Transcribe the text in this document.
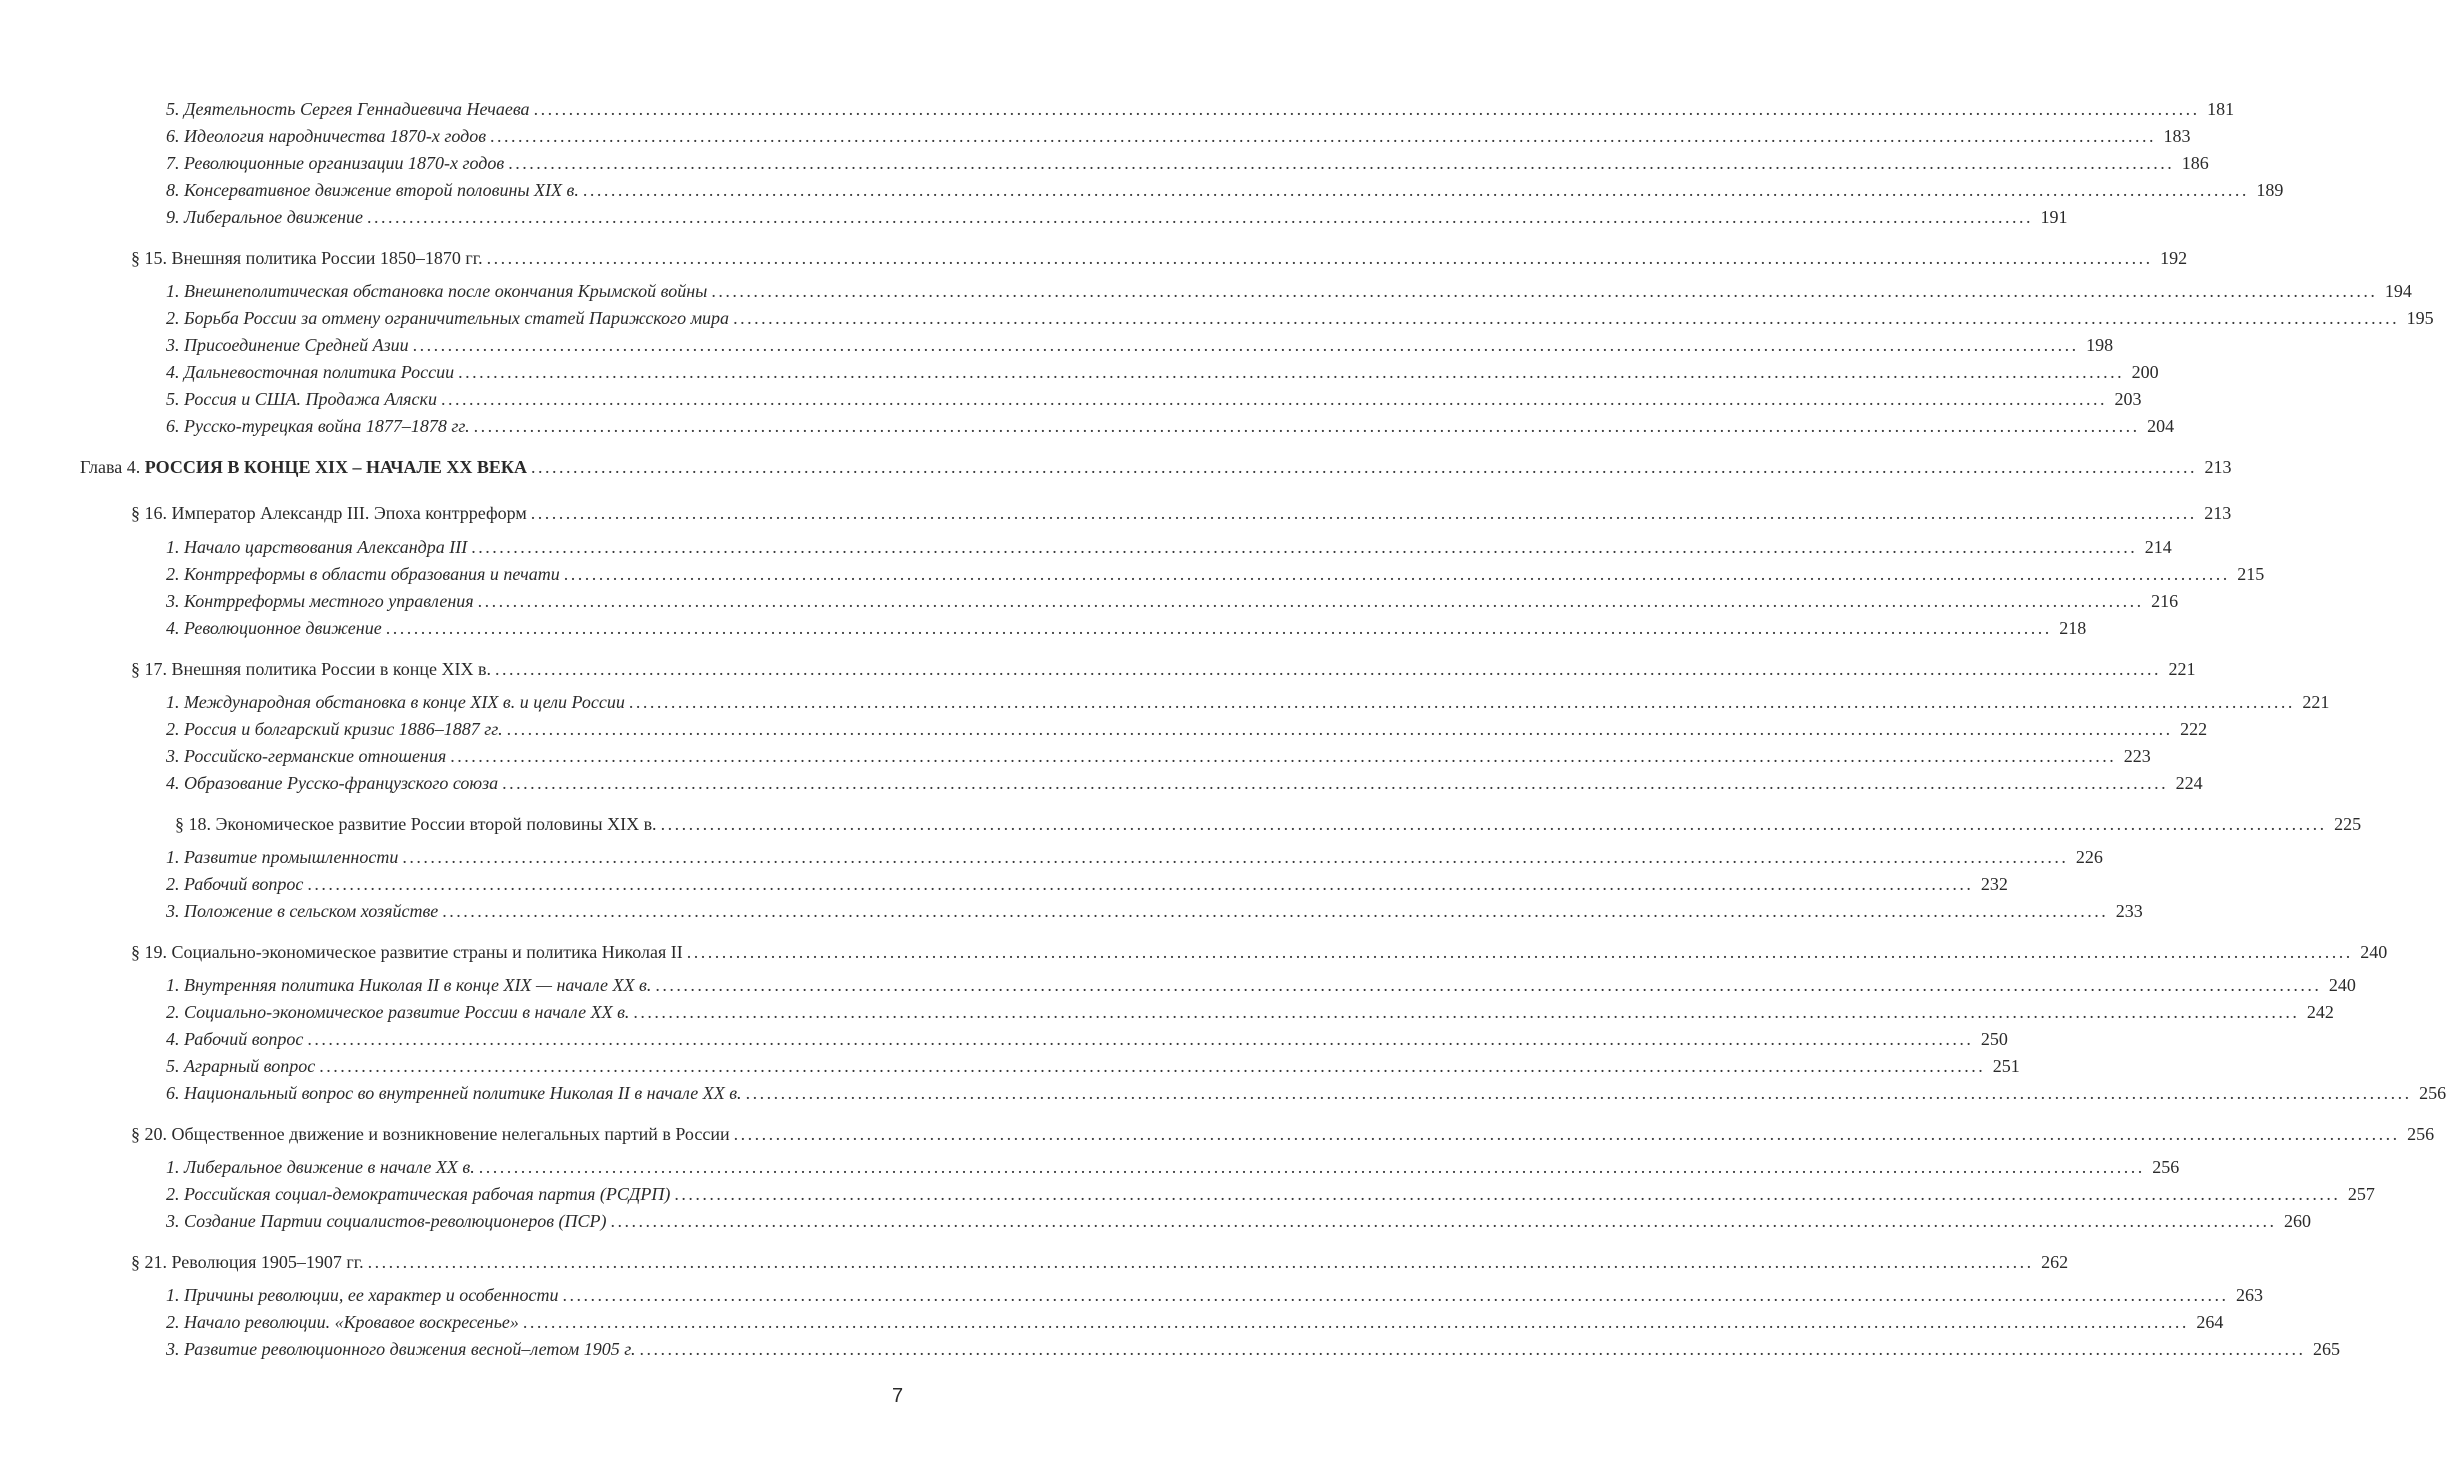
5. Деятельность Сергея Геннадиевича Нечаева . . .	181
6. Идеология народничества 1870-х годов . . .	183
7. Революционные организации 1870-х годов . . .	186
8. Консервативное движение второй половины XIX в. . . .	189
9. Либеральное движение . . .	191
§ 15. Внешняя политика России 1850–1870 гг. . . .	192
1. Внешнеполитическая обстановка после окончания Крымской войны . . .	194
2. Борьба России за отмену ограничительных статей Парижского мира . . .	195
3. Присоединение Средней Азии . . .	198
4. Дальневосточная политика России . . .	200
5. Россия и США. Продажа Аляски . . .	203
6. Русско-турецкая война 1877–1878 гг. . . .	204
Глава 4. РОССИЯ В КОНЦЕ XIX – НАЧАЛЕ XX ВЕКА . . .	213
§ 16. Император Александр III. Эпоха контрреформ . . .	213
1. Начало царствования Александра III . . .	214
2. Контрреформы в области образования и печати . . .	215
3. Контрреформы местного управления . . .	216
4. Революционное движение . . .	218
§ 17. Внешняя политика России в конце XIX в. . . .	221
1. Международная обстановка в конце XIX в. и цели России . . .	221
2. Россия и болгарский кризис 1886–1887 гг. . . .	222
3. Российско-германские отношения . . .	223
4. Образование Русско-французского союза . . .	224
§ 18. Экономическое развитие России второй половины XIX в. . . .	225
1. Развитие промышленности . . .	226
2. Рабочий вопрос . . .	232
3. Положение в сельском хозяйстве . . .	233
§ 19. Социально-экономическое развитие страны и политика Николая II . . .	240
1. Внутренняя политика Николая II в конце XIX — начале XX в. . . .	240
2. Социально-экономическое развитие России в начале XX в. . . .	242
4. Рабочий вопрос . . .	250
5. Аграрный вопрос . . .	251
6. Национальный вопрос во внутренней политике Николая II в начале XX в. . . .	256
§ 20. Общественное движение и возникновение нелегальных партий в России . . .	256
1. Либеральное движение в начале XX в. . . .	256
2. Российская социал-демократическая рабочая партия (РСДРП) . . .	257
3. Создание Партии социалистов-революционеров (ПСР) . . .	260
§ 21. Революция 1905–1907 гг. . . .	262
1. Причины революции, ее характер и особенности . . .	263
2. Начало революции. «Кровавое воскресенье» . . .	264
3. Развитие революционного движения весной–летом 1905 г. . . .	265
7
